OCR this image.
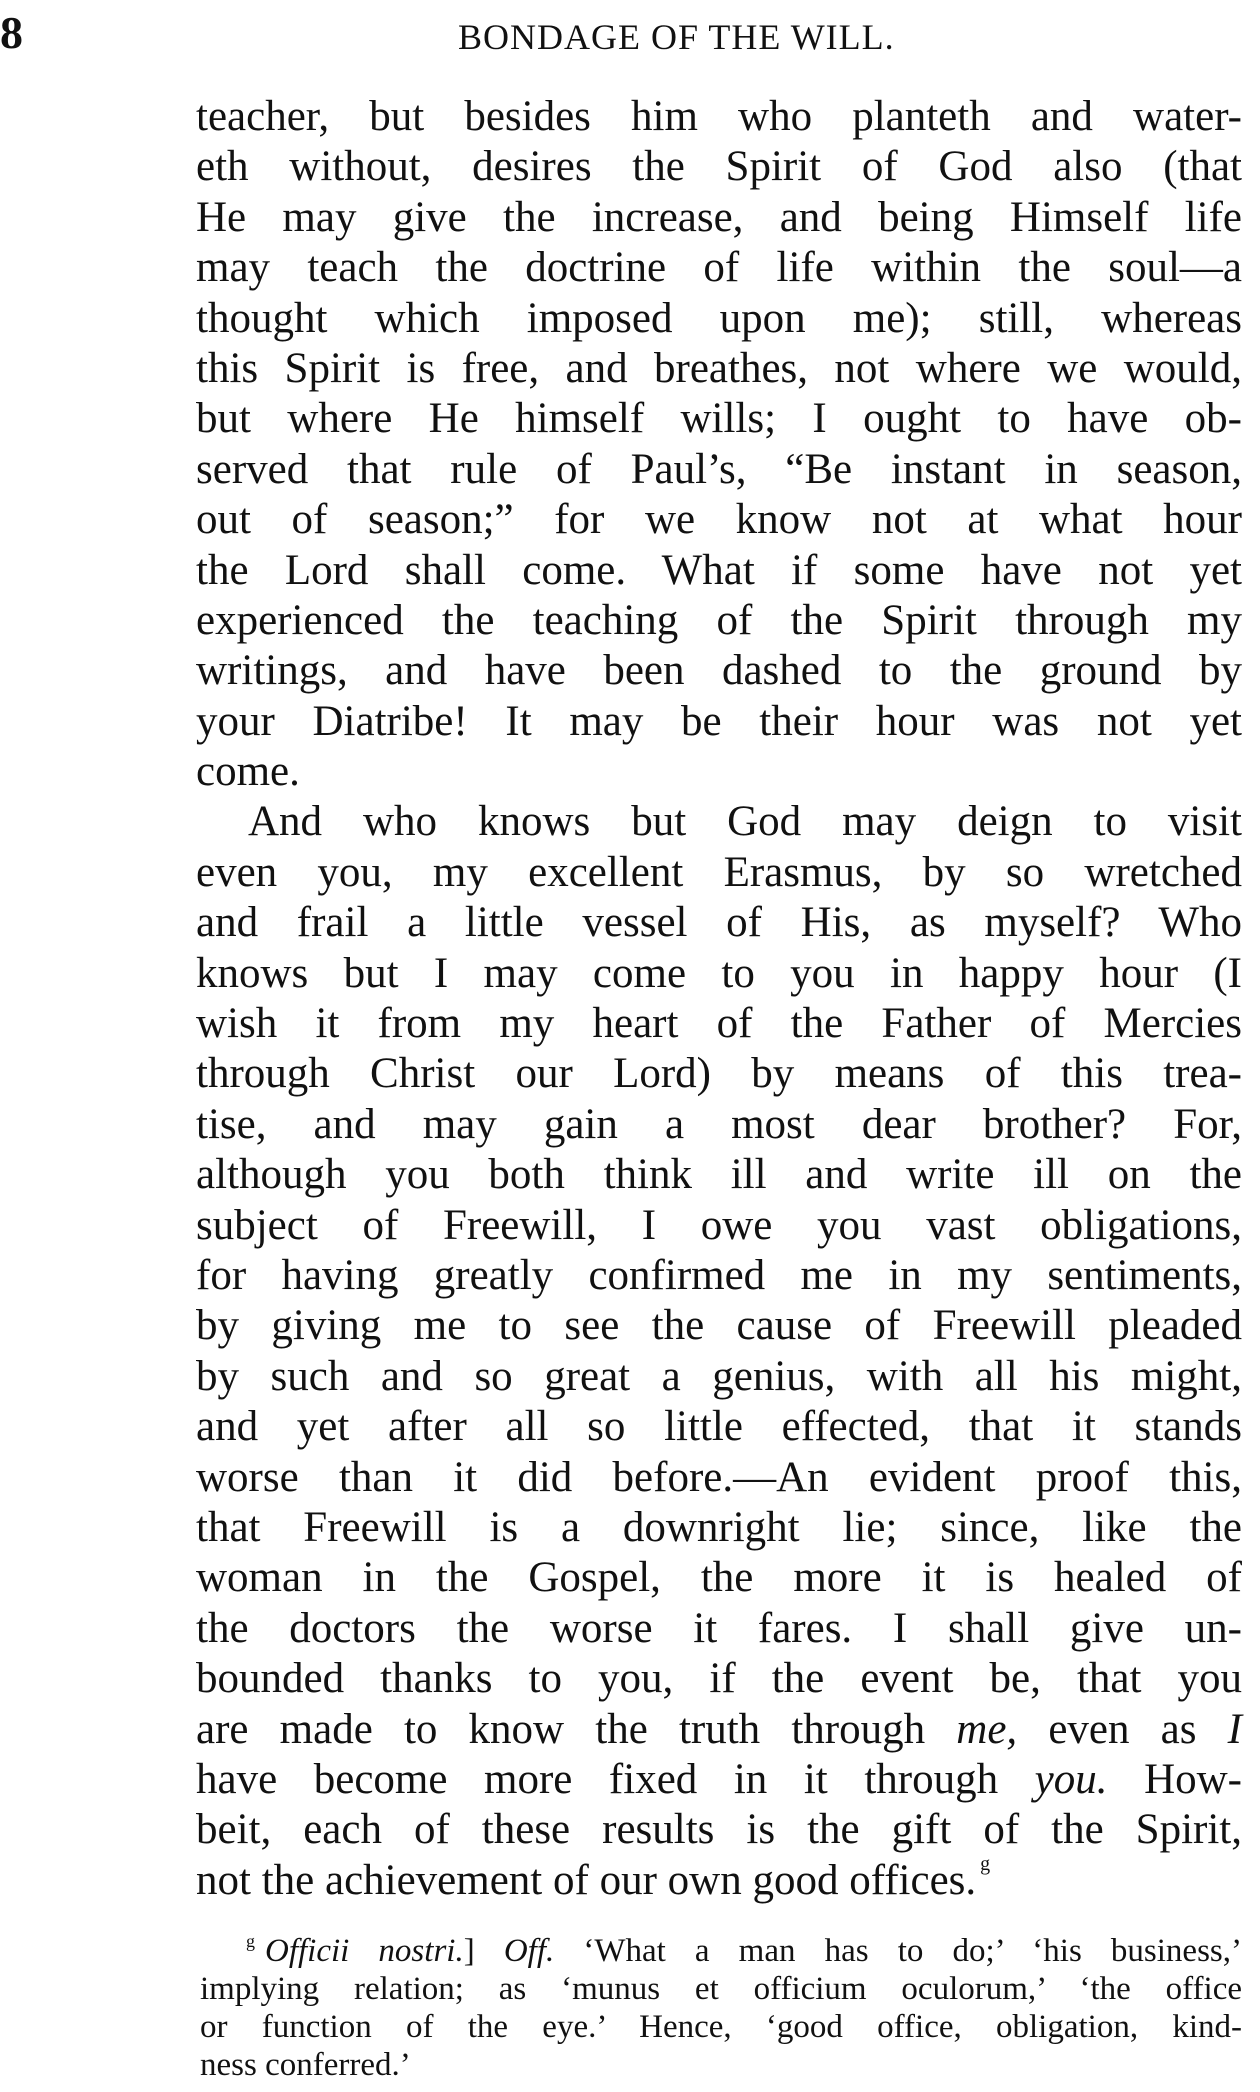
8	BONDAGE OF THE WILL.
teacher, but besides him who planteth and water-
eth without, desires the Spirit of God also (that
He may give the increase, and being Himself life
may teach the doctrine of life within the soul—a
thought which imposed upon me); still, whereas
this Spirit is free, and breathes, not where we would,
but where He himself wills; I ought to have ob-
served that rule of Paul’s, “Be instant in season,
out of season;” for we know not at what hour
the Lord shall come. What if some have not yet
experienced the teaching of the Spirit through my
writings, and have been dashed to the ground by
your Diatribe! It may be their hour was not yet
come.
And who knows but God may deign to visit
even you, my excellent Erasmus, by so wretched
and frail a little vessel of His, as myself? Who
knows but I may come to you in happy hour (I
wish it from my heart of the Father of Mercies
through Christ our Lord) by means of this trea-
tise, and may gain a most dear brother? For,
although you both think ill and write ill on the
subject of Freewill, I owe you vast obligations,
for having greatly confirmed me in my sentiments,
by giving me to see the cause of Freewill pleaded
by such and so great a genius, with all his might,
and yet after all so little effected, that it stands
worse than it did before.—An evident proof this,
that Freewill is a downright lie; since, like the
woman in the Gospel, the more it is healed of
the doctors the worse it fares. I shall give un-
bounded thanks to you, if the event be, that you
are made to know the truth through me, even as I
have become more fixed in it through you. How-
beit, each of these results is the gift of the Spirit,
not the achievement of our own good offices. $^g$
$^g$ Officii nostri.] Off. ‘What a man has to do;’ ‘his business,’
implying relation; as ‘munus et officium oculorum,’ ‘the office
or function of the eye.’ Hence, ‘good office, obligation, kind-
ness conferred.’
